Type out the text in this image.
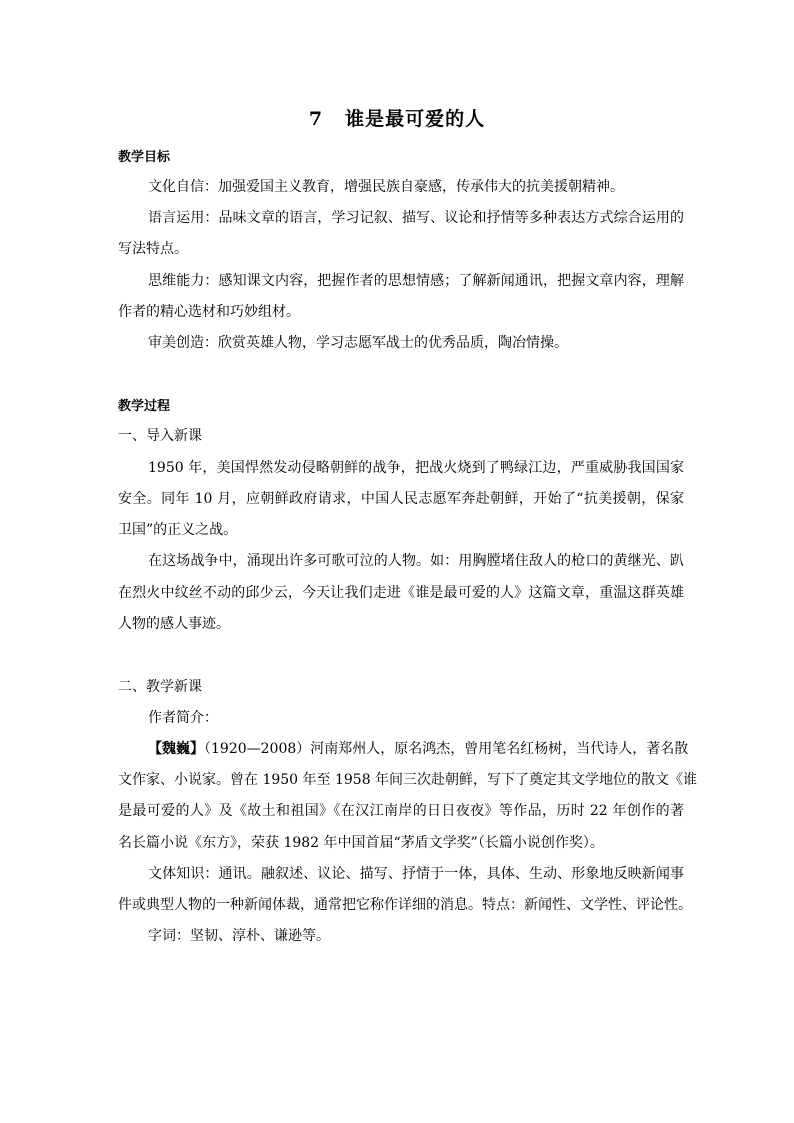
7 谁是最可爱的人
教学目标
文化自信：加强爱国主义教育，增强民族自豪感，传承伟大的抗美援朝精神。
语言运用：品味文章的语言，学习记叙、描写、议论和抒情等多种表达方式综合运用的
写法特点。
思维能力：感知课文内容，把握作者的思想情感；了解新闻通讯，把握文章内容，理解
作者的精心选材和巧妙组材。
审美创造：欣赏英雄人物，学习志愿军战士的优秀品质，陶冶情操。
教学过程
一、导入新课
1950 年，美国悍然发动侵略朝鲜的战争，把战火烧到了鸭绿江边，严重威胁我国国家
安全。同年 10 月，应朝鲜政府请求，中国人民志愿军奔赴朝鲜，开始了“抗美援朝，保家
卫国”的正义之战。
在这场战争中，涌现出许多可歌可泣的人物。如：用胸膛堵住敌人的枪口的黄继光、趴
在烈火中纹丝不动的邱少云，今天让我们走进《谁是最可爱的人》这篇文章，重温这群英雄
人物的感人事迹。
二、教学新课
作者简介：
【魏巍】（1920—2008）河南郑州人，原名鸿杰，曾用笔名红杨树，当代诗人，著名散
文作家、小说家。曾在 1950 年至 1958 年间三次赴朝鲜，写下了奠定其文学地位的散文《谁
是最可爱的人》及《故土和祖国》《在汉江南岸的日日夜夜》等作品，历时 22 年创作的著
名长篇小说《东方》，荣获 1982 年中国首届“茅盾文学奖”（长篇小说创作奖）。
文体知识：通讯。融叙述、议论、描写、抒情于一体，具体、生动、形象地反映新闻事
件或典型人物的一种新闻体裁，通常把它称作详细的消息。特点：新闻性、文学性、评论性。
字词：坚韧、淳朴、谦逊等。
